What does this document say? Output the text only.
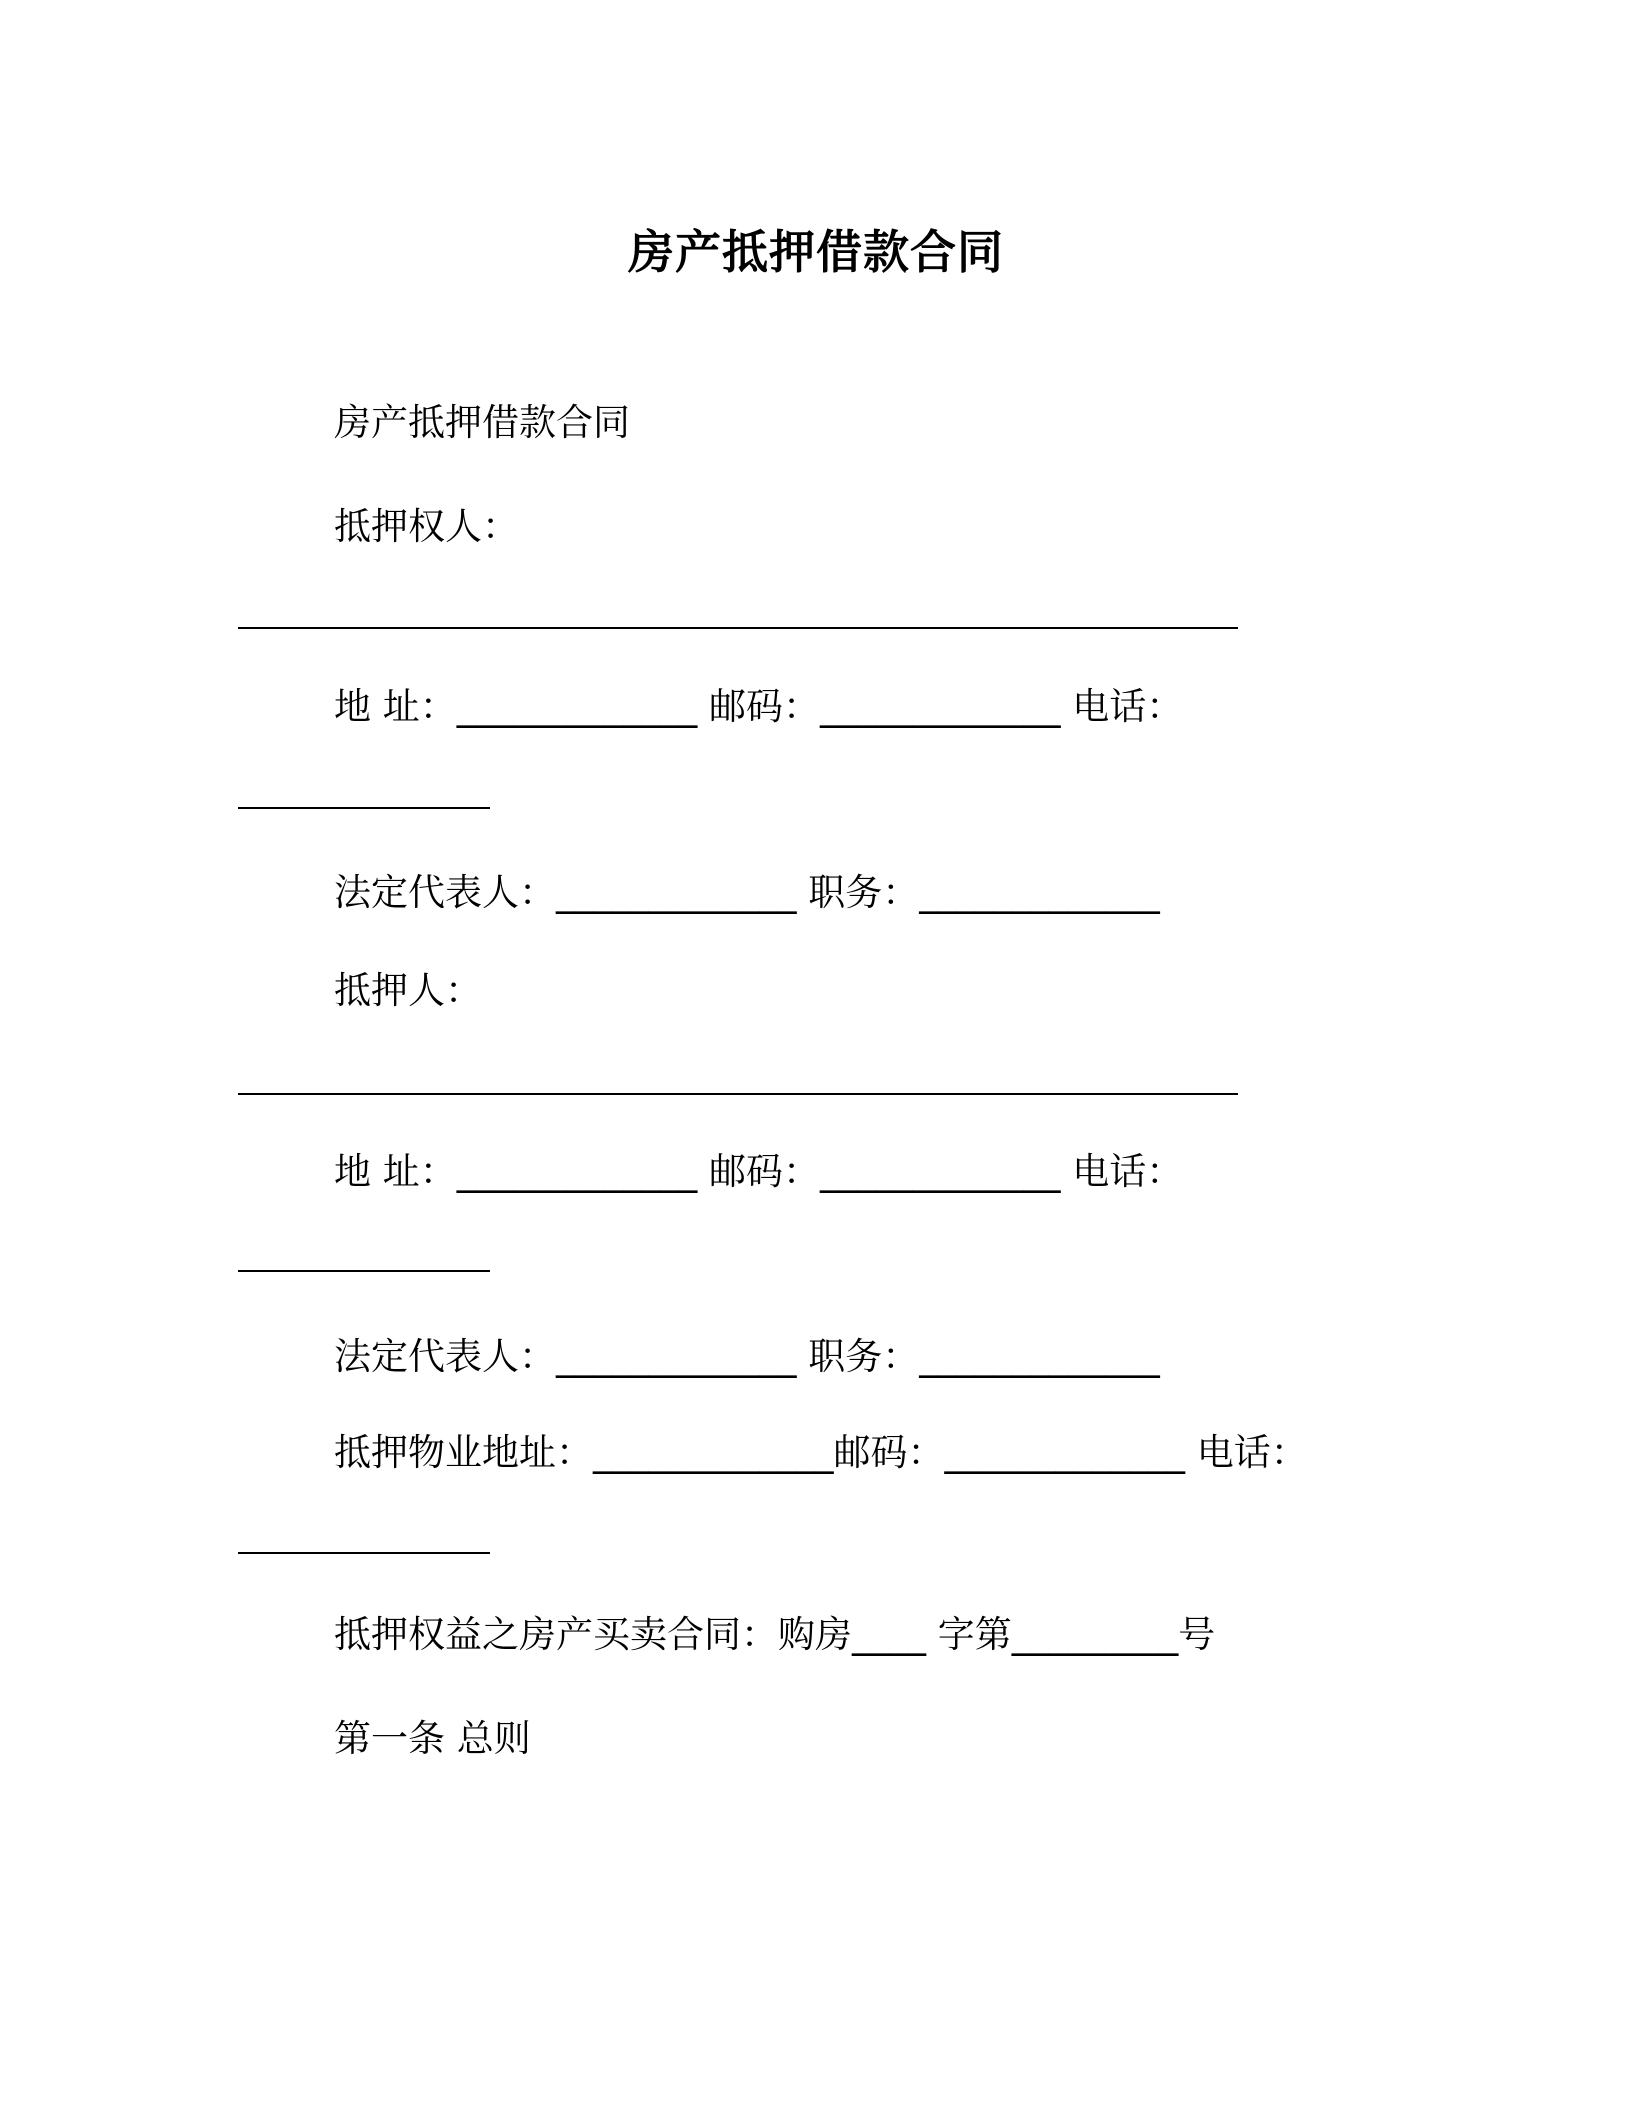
房产抵押借款合同
房产抵押借款合同
抵押权人：
地 址：_____________ 邮码：_____________ 电话：
法定代表人：_____________ 职务：_____________
抵押人：
地 址：_____________ 邮码：_____________ 电话：
法定代表人：_____________ 职务：_____________
抵押物业地址：_____________邮码：_____________ 电话：
抵押权益之房产买卖合同：购房____ 字第_________号
第一条 总则
